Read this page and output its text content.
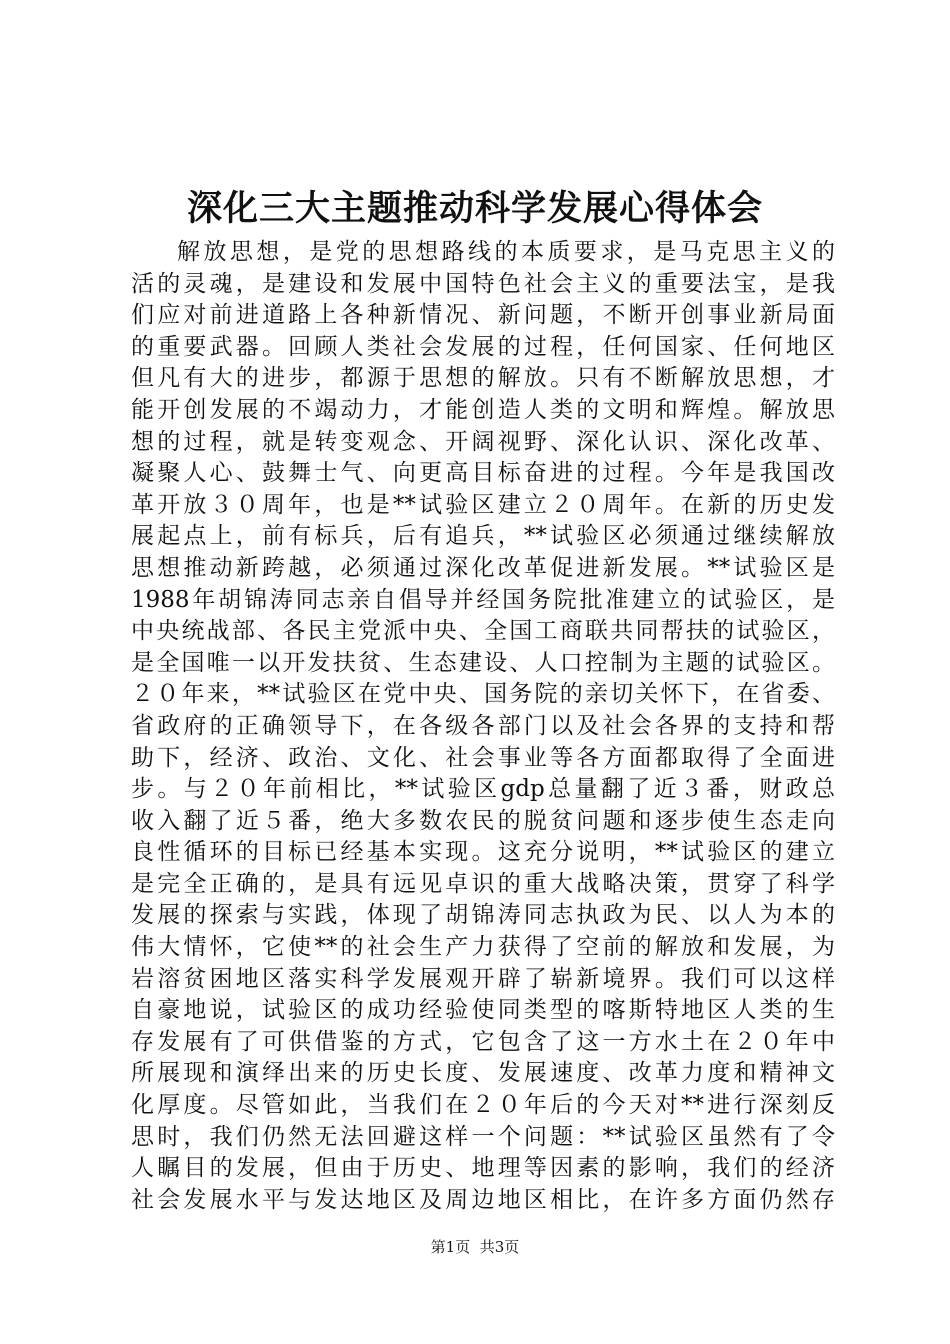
深化三大主题推动科学发展心得体会
解放思想，是党的思想路线的本质要求，是马克思主义的
活的灵魂，是建设和发展中国特色社会主义的重要法宝，是我
们应对前进道路上各种新情况、新问题，不断开创事业新局面
的重要武器。回顾人类社会发展的过程，任何国家、任何地区
但凡有大的进步，都源于思想的解放。只有不断解放思想，才
能开创发展的不竭动力，才能创造人类的文明和辉煌。解放思
想的过程，就是转变观念、开阔视野、深化认识、深化改革、
凝聚人心、鼓舞士气、向更高目标奋进的过程。今年是我国改
革开放３０周年，也是**试验区建立２０周年。在新的历史发
展起点上，前有标兵，后有追兵，**试验区必须通过继续解放
思想推动新跨越，必须通过深化改革促进新发展。**试验区是
1988年胡锦涛同志亲自倡导并经国务院批准建立的试验区，是
中央统战部、各民主党派中央、全国工商联共同帮扶的试验区，
是全国唯一以开发扶贫、生态建设、人口控制为主题的试验区。
２０年来，**试验区在党中央、国务院的亲切关怀下，在省委、
省政府的正确领导下，在各级各部门以及社会各界的支持和帮
助下，经济、政治、文化、社会事业等各方面都取得了全面进
步。与２０年前相比，**试验区gdp总量翻了近３番，财政总
收入翻了近５番，绝大多数农民的脱贫问题和逐步使生态走向
良性循环的目标已经基本实现。这充分说明，**试验区的建立
是完全正确的，是具有远见卓识的重大战略决策，贯穿了科学
发展的探索与实践，体现了胡锦涛同志执政为民、以人为本的
伟大情怀，它使**的社会生产力获得了空前的解放和发展，为
岩溶贫困地区落实科学发展观开辟了崭新境界。我们可以这样
自豪地说，试验区的成功经验使同类型的喀斯特地区人类的生
存发展有了可供借鉴的方式，它包含了这一方水土在２０年中
所展现和演绎出来的历史长度、发展速度、改革力度和精神文
化厚度。尽管如此，当我们在２０年后的今天对**进行深刻反
思时，我们仍然无法回避这样一个问题：**试验区虽然有了令
人瞩目的发展，但由于历史、地理等因素的影响，我们的经济
社会发展水平与发达地区及周边地区相比，在许多方面仍然存
第1页 共3页
